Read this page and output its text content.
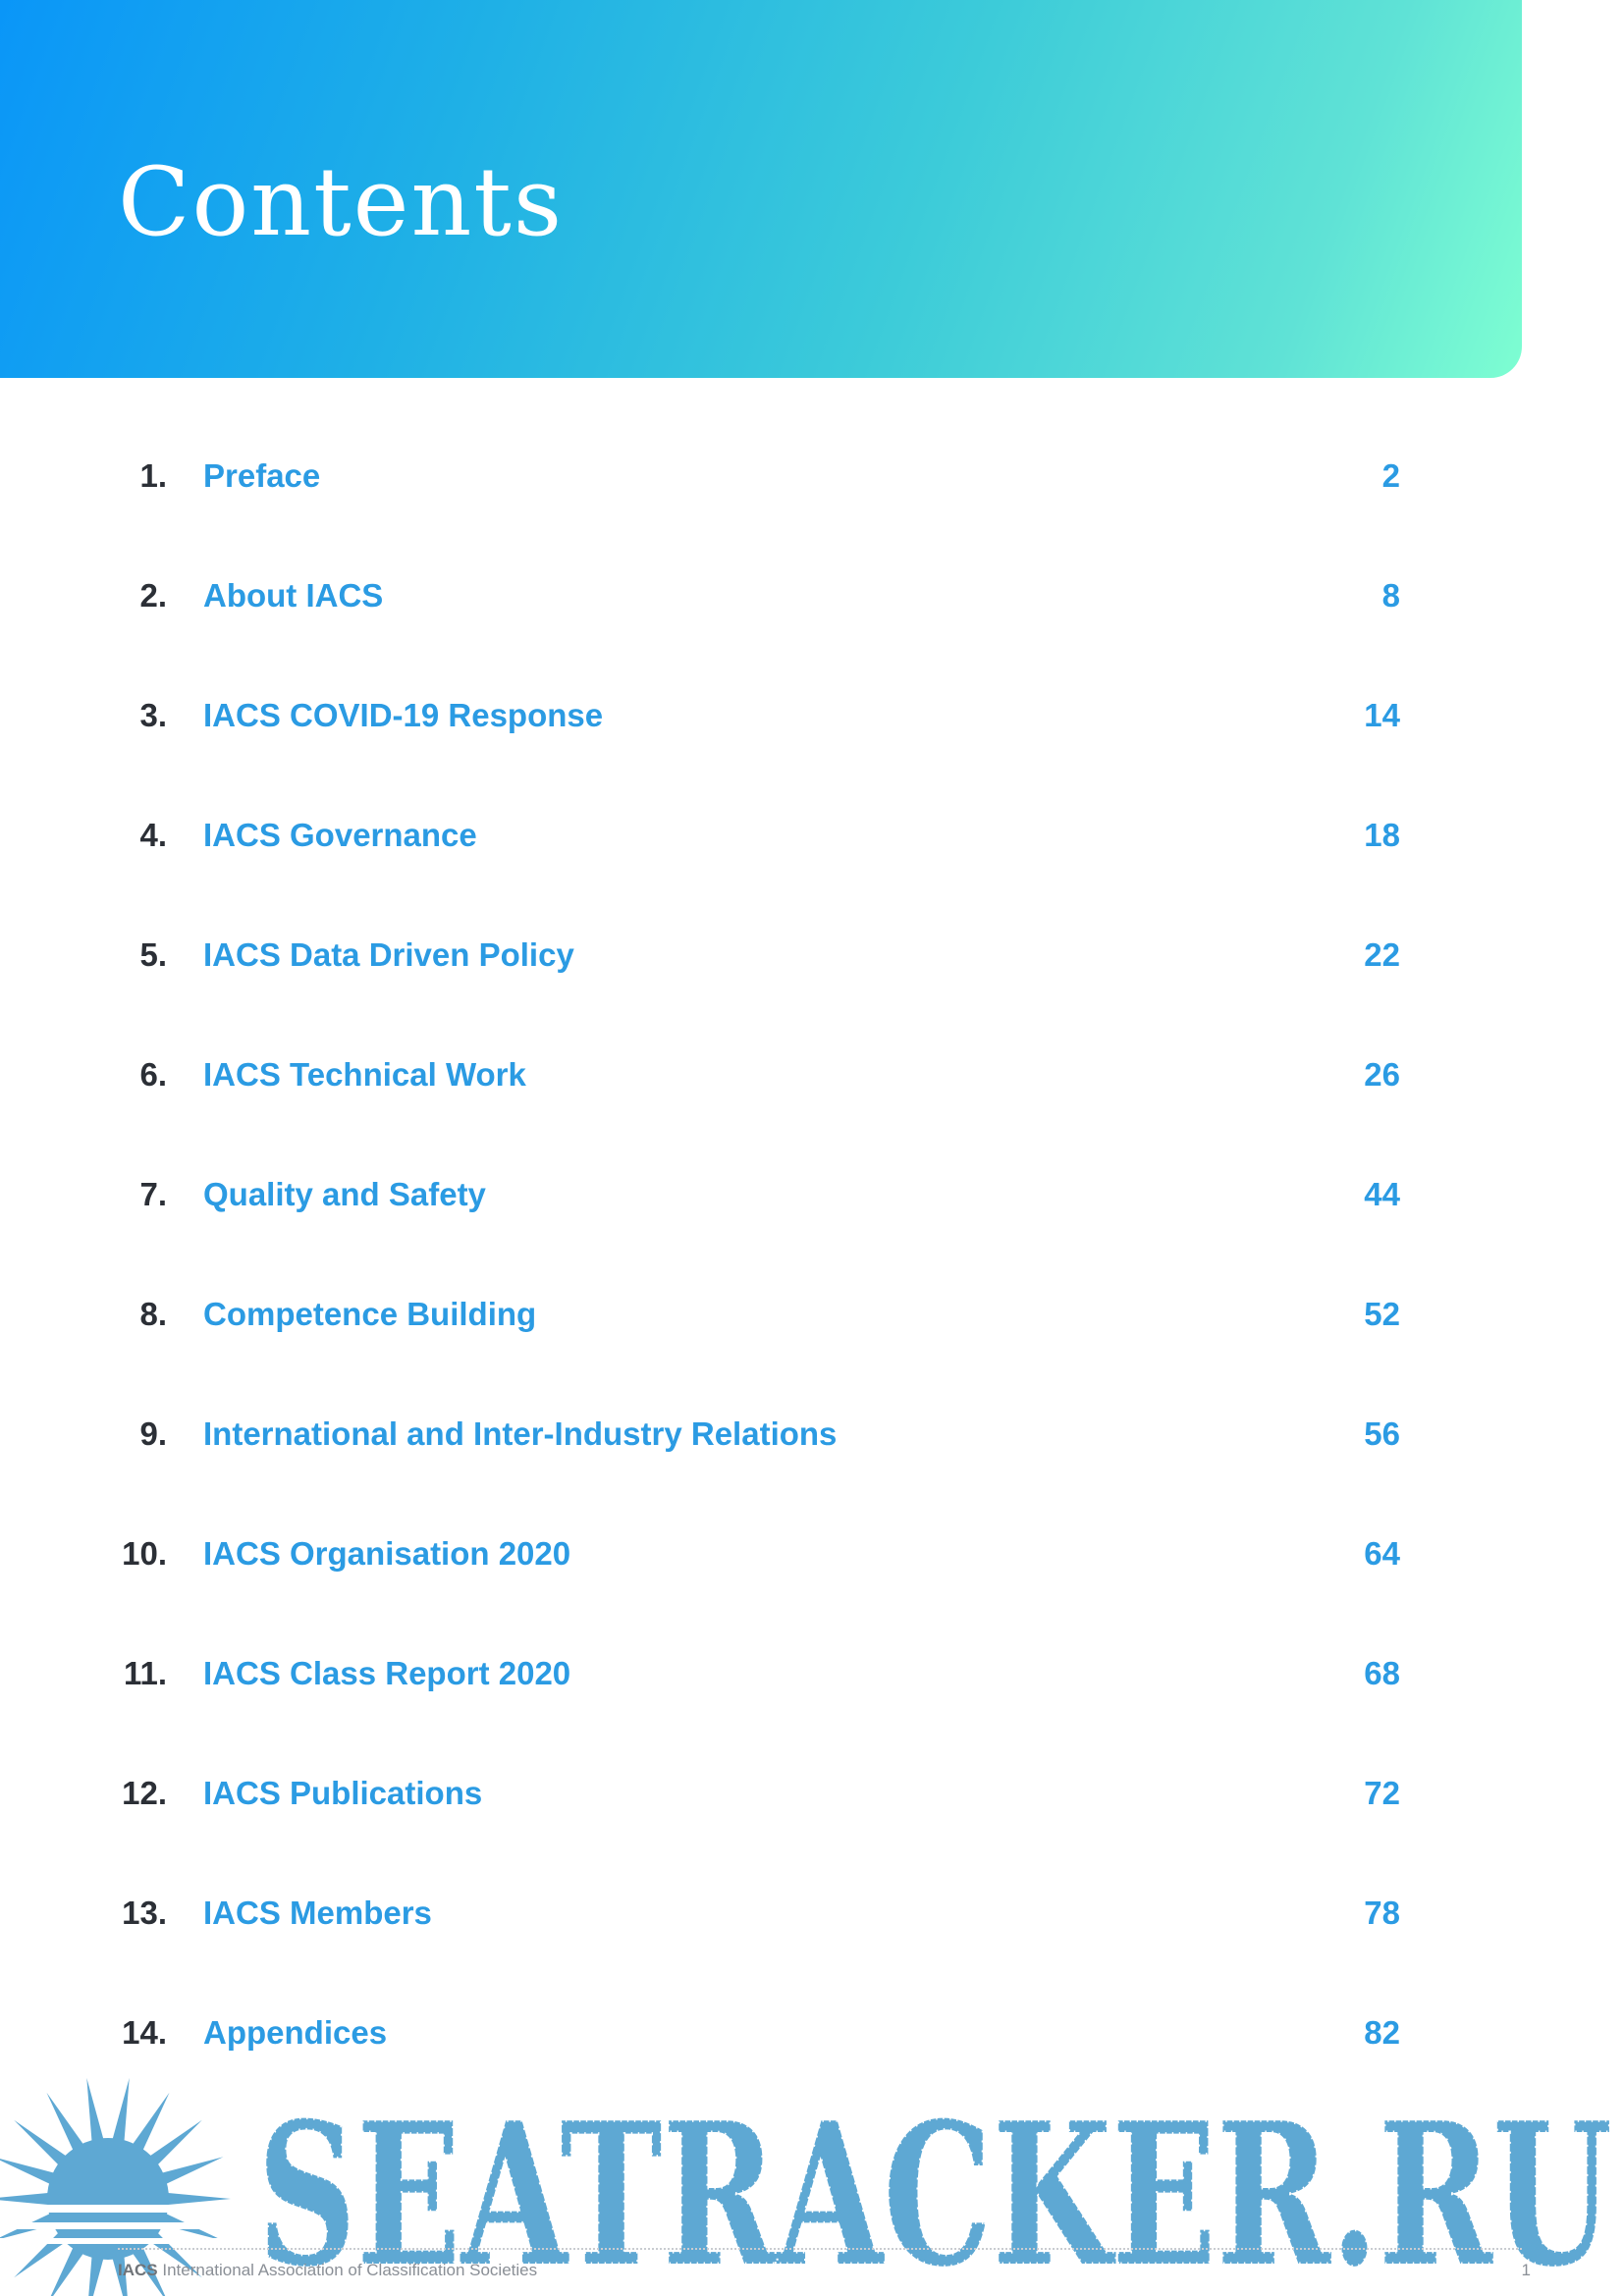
Contents
1. Preface	2
2. About IACS	8
3. IACS COVID-19 Response	14
4. IACS Governance	18
5. IACS Data Driven Policy	22
6. IACS Technical Work	26
7. Quality and Safety	44
8. Competence Building	52
9. International and Inter-Industry Relations	56
10. IACS Organisation 2020	64
11. IACS Class Report 2020	68
12. IACS Publications	72
13. IACS Members	78
14. Appendices	82
SEATRACKER.RU
IACS International Association of Classification Societies	1
